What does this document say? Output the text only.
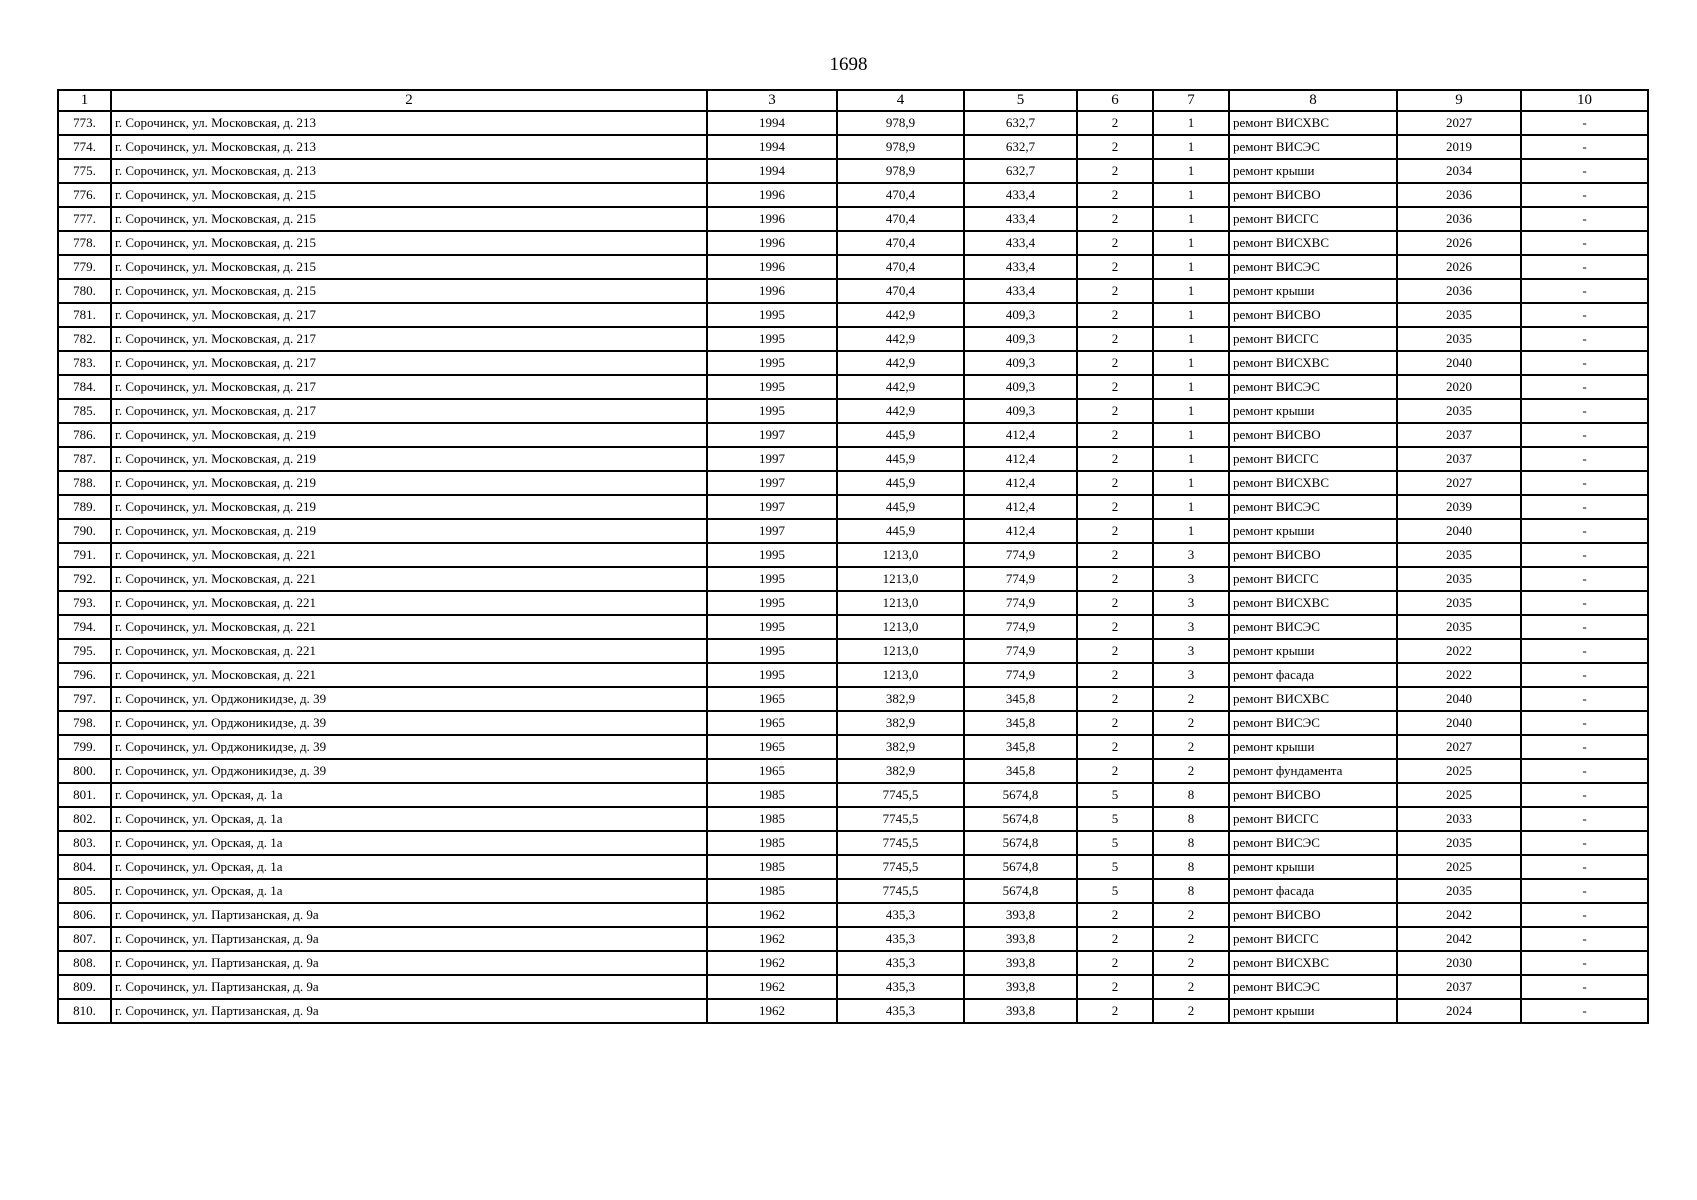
1698
1	2	3	4	5	6	7	8	9	10
773.	г. Сорочинск, ул. Московская, д. 213	1994	978,9	632,7	2	1	ремонт ВИСХВС	2027	-
774.	г. Сорочинск, ул. Московская, д. 213	1994	978,9	632,7	2	1	ремонт ВИСЭС	2019	-
775.	г. Сорочинск, ул. Московская, д. 213	1994	978,9	632,7	2	1	ремонт крыши	2034	-
776.	г. Сорочинск, ул. Московская, д. 215	1996	470,4	433,4	2	1	ремонт ВИСВО	2036	-
777.	г. Сорочинск, ул. Московская, д. 215	1996	470,4	433,4	2	1	ремонт ВИСГС	2036	-
778.	г. Сорочинск, ул. Московская, д. 215	1996	470,4	433,4	2	1	ремонт ВИСХВС	2026	-
779.	г. Сорочинск, ул. Московская, д. 215	1996	470,4	433,4	2	1	ремонт ВИСЭС	2026	-
780.	г. Сорочинск, ул. Московская, д. 215	1996	470,4	433,4	2	1	ремонт крыши	2036	-
781.	г. Сорочинск, ул. Московская, д. 217	1995	442,9	409,3	2	1	ремонт ВИСВО	2035	-
782.	г. Сорочинск, ул. Московская, д. 217	1995	442,9	409,3	2	1	ремонт ВИСГС	2035	-
783.	г. Сорочинск, ул. Московская, д. 217	1995	442,9	409,3	2	1	ремонт ВИСХВС	2040	-
784.	г. Сорочинск, ул. Московская, д. 217	1995	442,9	409,3	2	1	ремонт ВИСЭС	2020	-
785.	г. Сорочинск, ул. Московская, д. 217	1995	442,9	409,3	2	1	ремонт крыши	2035	-
786.	г. Сорочинск, ул. Московская, д. 219	1997	445,9	412,4	2	1	ремонт ВИСВО	2037	-
787.	г. Сорочинск, ул. Московская, д. 219	1997	445,9	412,4	2	1	ремонт ВИСГС	2037	-
788.	г. Сорочинск, ул. Московская, д. 219	1997	445,9	412,4	2	1	ремонт ВИСХВС	2027	-
789.	г. Сорочинск, ул. Московская, д. 219	1997	445,9	412,4	2	1	ремонт ВИСЭС	2039	-
790.	г. Сорочинск, ул. Московская, д. 219	1997	445,9	412,4	2	1	ремонт крыши	2040	-
791.	г. Сорочинск, ул. Московская, д. 221	1995	1213,0	774,9	2	3	ремонт ВИСВО	2035	-
792.	г. Сорочинск, ул. Московская, д. 221	1995	1213,0	774,9	2	3	ремонт ВИСГС	2035	-
793.	г. Сорочинск, ул. Московская, д. 221	1995	1213,0	774,9	2	3	ремонт ВИСХВС	2035	-
794.	г. Сорочинск, ул. Московская, д. 221	1995	1213,0	774,9	2	3	ремонт ВИСЭС	2035	-
795.	г. Сорочинск, ул. Московская, д. 221	1995	1213,0	774,9	2	3	ремонт крыши	2022	-
796.	г. Сорочинск, ул. Московская, д. 221	1995	1213,0	774,9	2	3	ремонт фасада	2022	-
797.	г. Сорочинск, ул. Орджоникидзе, д. 39	1965	382,9	345,8	2	2	ремонт ВИСХВС	2040	-
798.	г. Сорочинск, ул. Орджоникидзе, д. 39	1965	382,9	345,8	2	2	ремонт ВИСЭС	2040	-
799.	г. Сорочинск, ул. Орджоникидзе, д. 39	1965	382,9	345,8	2	2	ремонт крыши	2027	-
800.	г. Сорочинск, ул. Орджоникидзе, д. 39	1965	382,9	345,8	2	2	ремонт фундамента	2025	-
801.	г. Сорочинск, ул. Орская, д. 1а	1985	7745,5	5674,8	5	8	ремонт ВИСВО	2025	-
802.	г. Сорочинск, ул. Орская, д. 1а	1985	7745,5	5674,8	5	8	ремонт ВИСГС	2033	-
803.	г. Сорочинск, ул. Орская, д. 1а	1985	7745,5	5674,8	5	8	ремонт ВИСЭС	2035	-
804.	г. Сорочинск, ул. Орская, д. 1а	1985	7745,5	5674,8	5	8	ремонт крыши	2025	-
805.	г. Сорочинск, ул. Орская, д. 1а	1985	7745,5	5674,8	5	8	ремонт фасада	2035	-
806.	г. Сорочинск, ул. Партизанская, д. 9а	1962	435,3	393,8	2	2	ремонт ВИСВО	2042	-
807.	г. Сорочинск, ул. Партизанская, д. 9а	1962	435,3	393,8	2	2	ремонт ВИСГС	2042	-
808.	г. Сорочинск, ул. Партизанская, д. 9а	1962	435,3	393,8	2	2	ремонт ВИСХВС	2030	-
809.	г. Сорочинск, ул. Партизанская, д. 9а	1962	435,3	393,8	2	2	ремонт ВИСЭС	2037	-
810.	г. Сорочинск, ул. Партизанская, д. 9а	1962	435,3	393,8	2	2	ремонт крыши	2024	-
